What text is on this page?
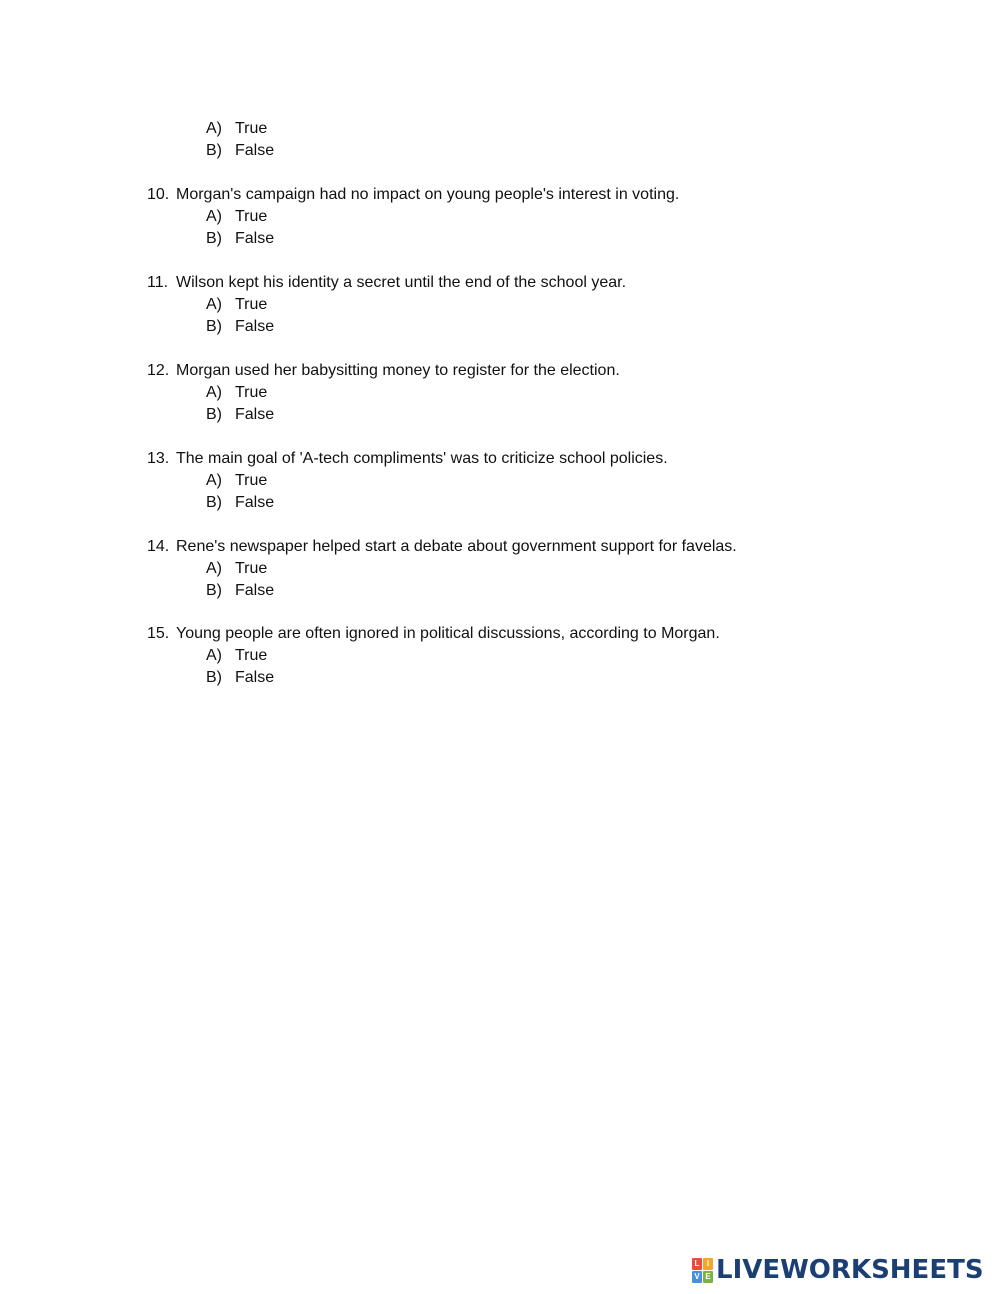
A) True
B) False
10. Morgan's campaign had no impact on young people's interest in voting.
A) True
B) False
11. Wilson kept his identity a secret until the end of the school year.
A) True
B) False
12. Morgan used her babysitting money to register for the election.
A) True
B) False
13. The main goal of 'A-tech compliments' was to criticize school policies.
A) True
B) False
14. Rene's newspaper helped start a debate about government support for favelas.
A) True
B) False
15. Young people are often ignored in political discussions, according to Morgan.
A) True
B) False
L I
V E LIVEWORKSHEETS
